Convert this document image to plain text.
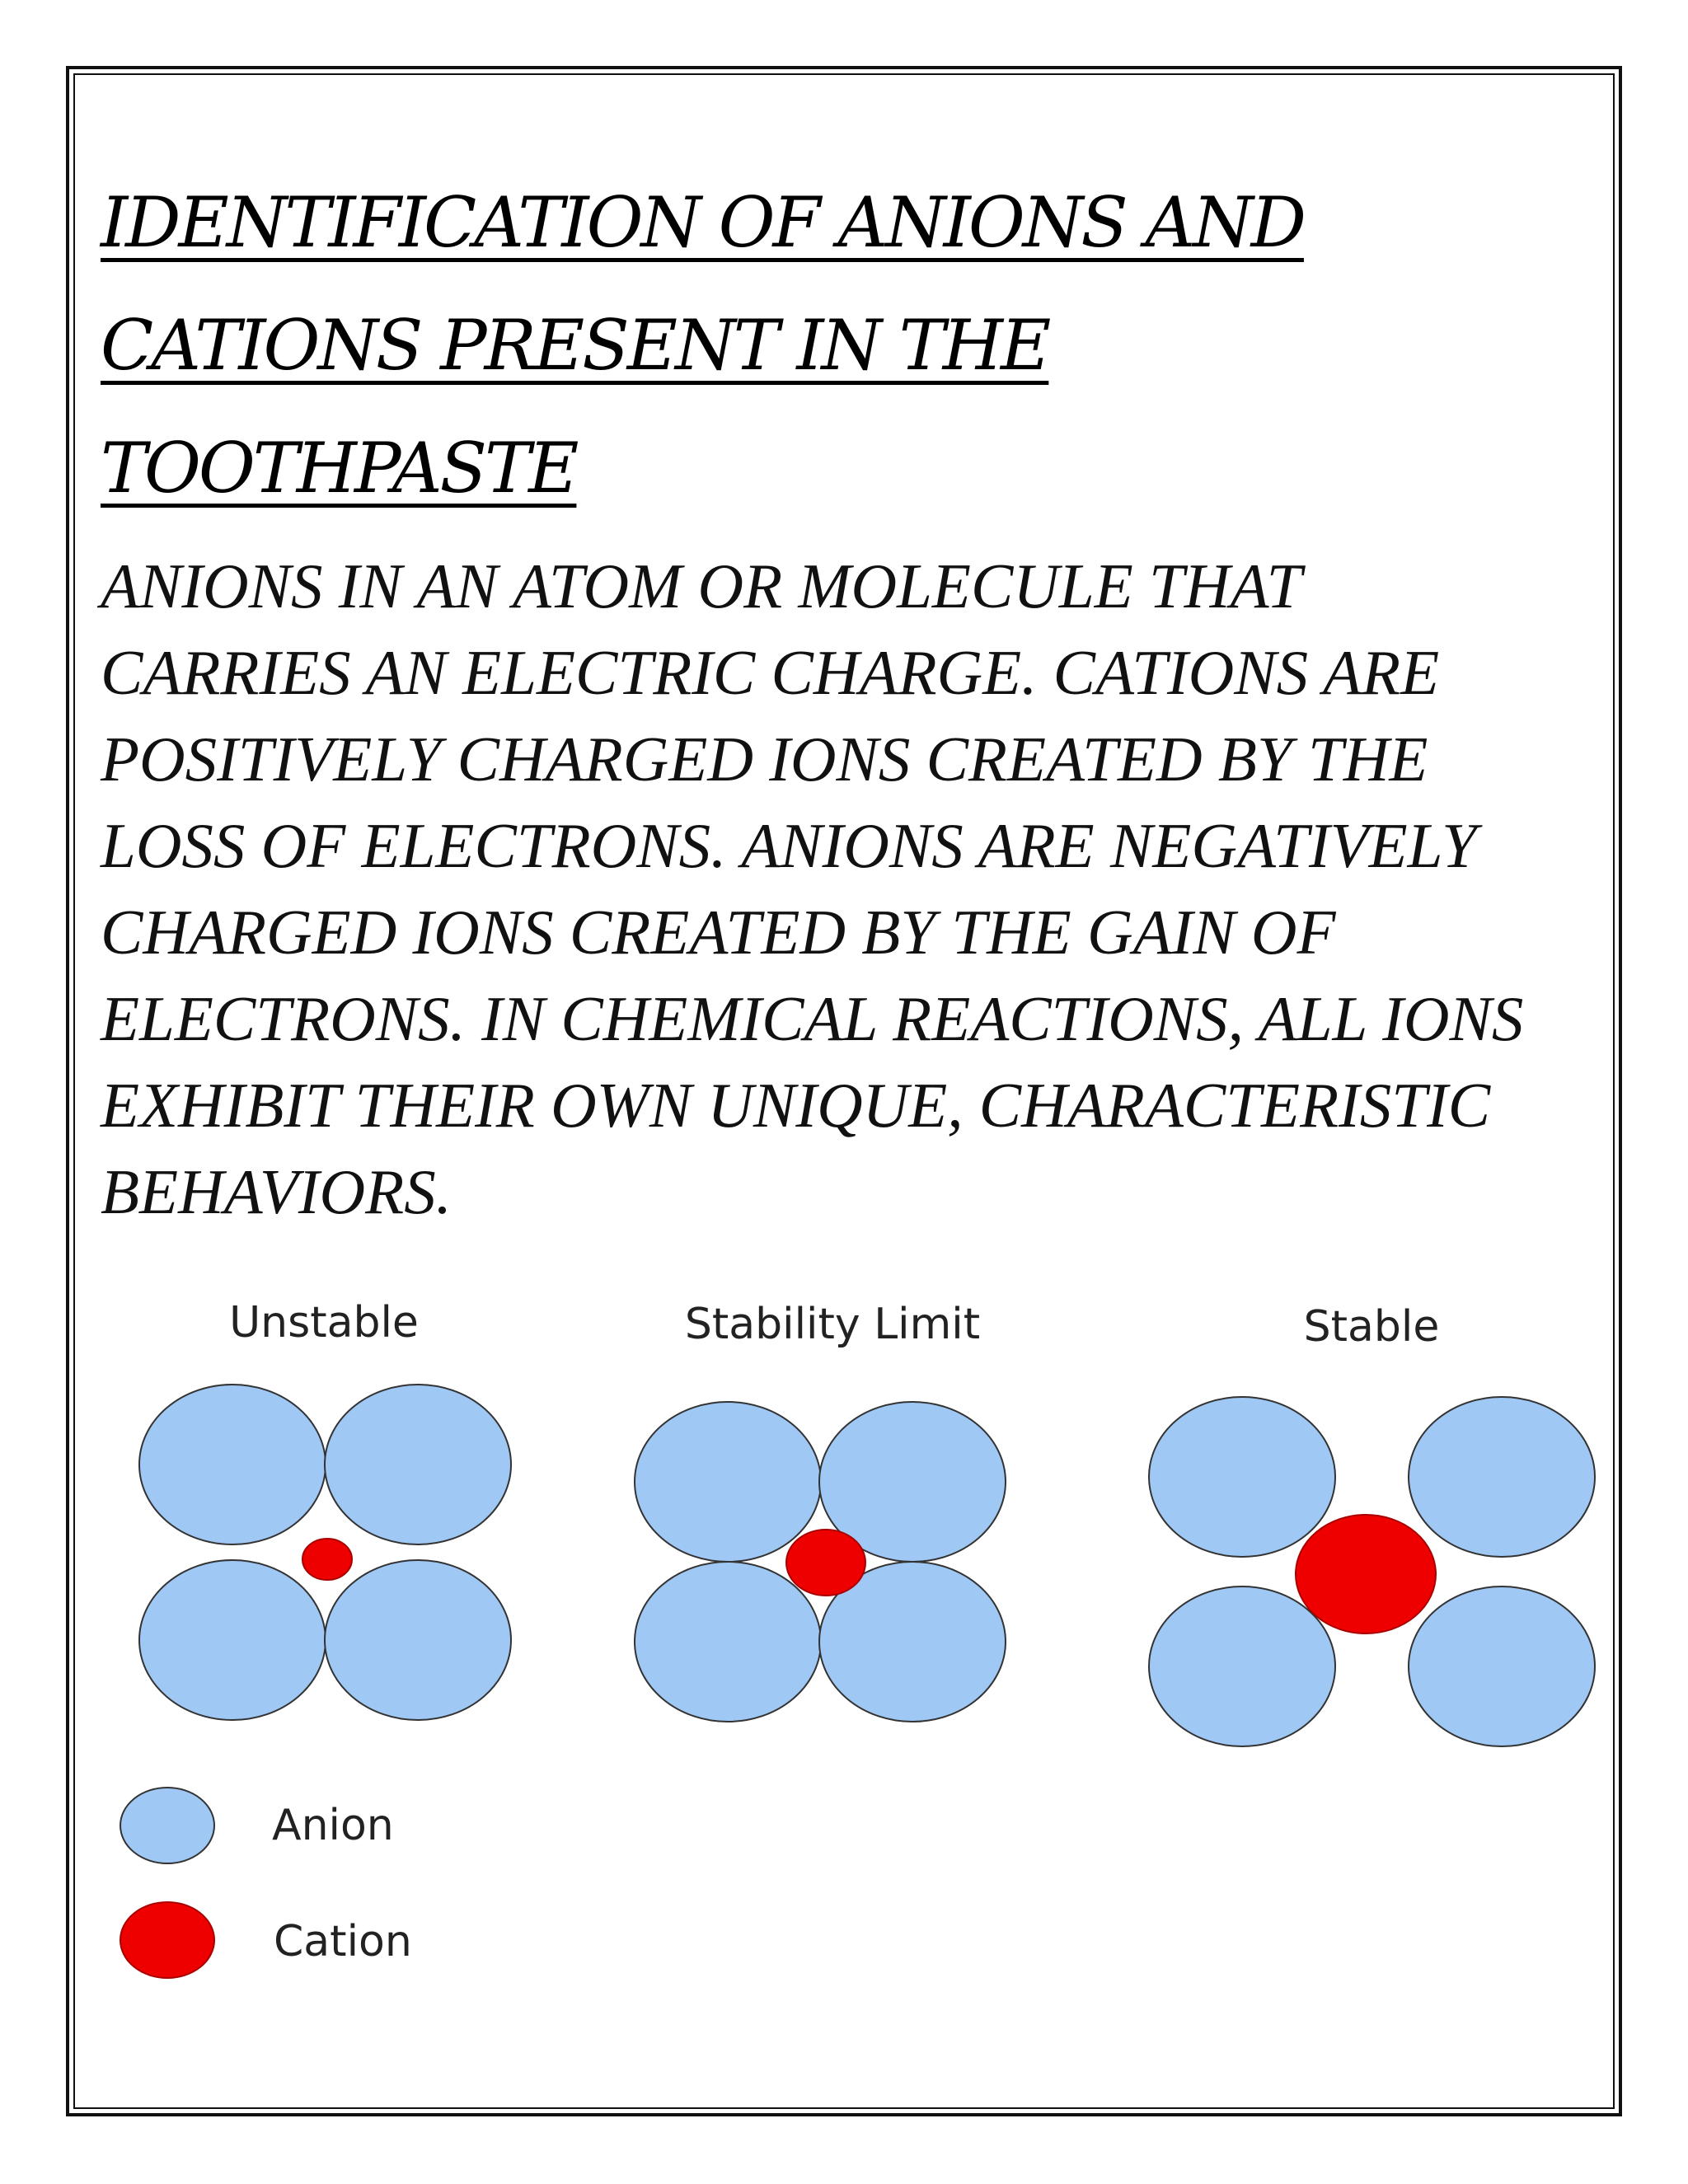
IDENTIFICATION OF ANIONS AND
CATIONS PRESENT IN THE
TOOTHPASTE

ANIONS IN AN ATOM OR MOLECULE THAT
CARRIES AN ELECTRIC CHARGE. CATIONS ARE
POSITIVELY CHARGED IONS CREATED BY THE
LOSS OF ELECTRONS. ANIONS ARE NEGATIVELY
CHARGED IONS CREATED BY THE GAIN OF
ELECTRONS. IN CHEMICAL REACTIONS, ALL IONS
EXHIBIT THEIR OWN UNIQUE, CHARACTERISTIC
BEHAVIORS.

Unstable	Stability Limit	Stable
Anion
Cation
